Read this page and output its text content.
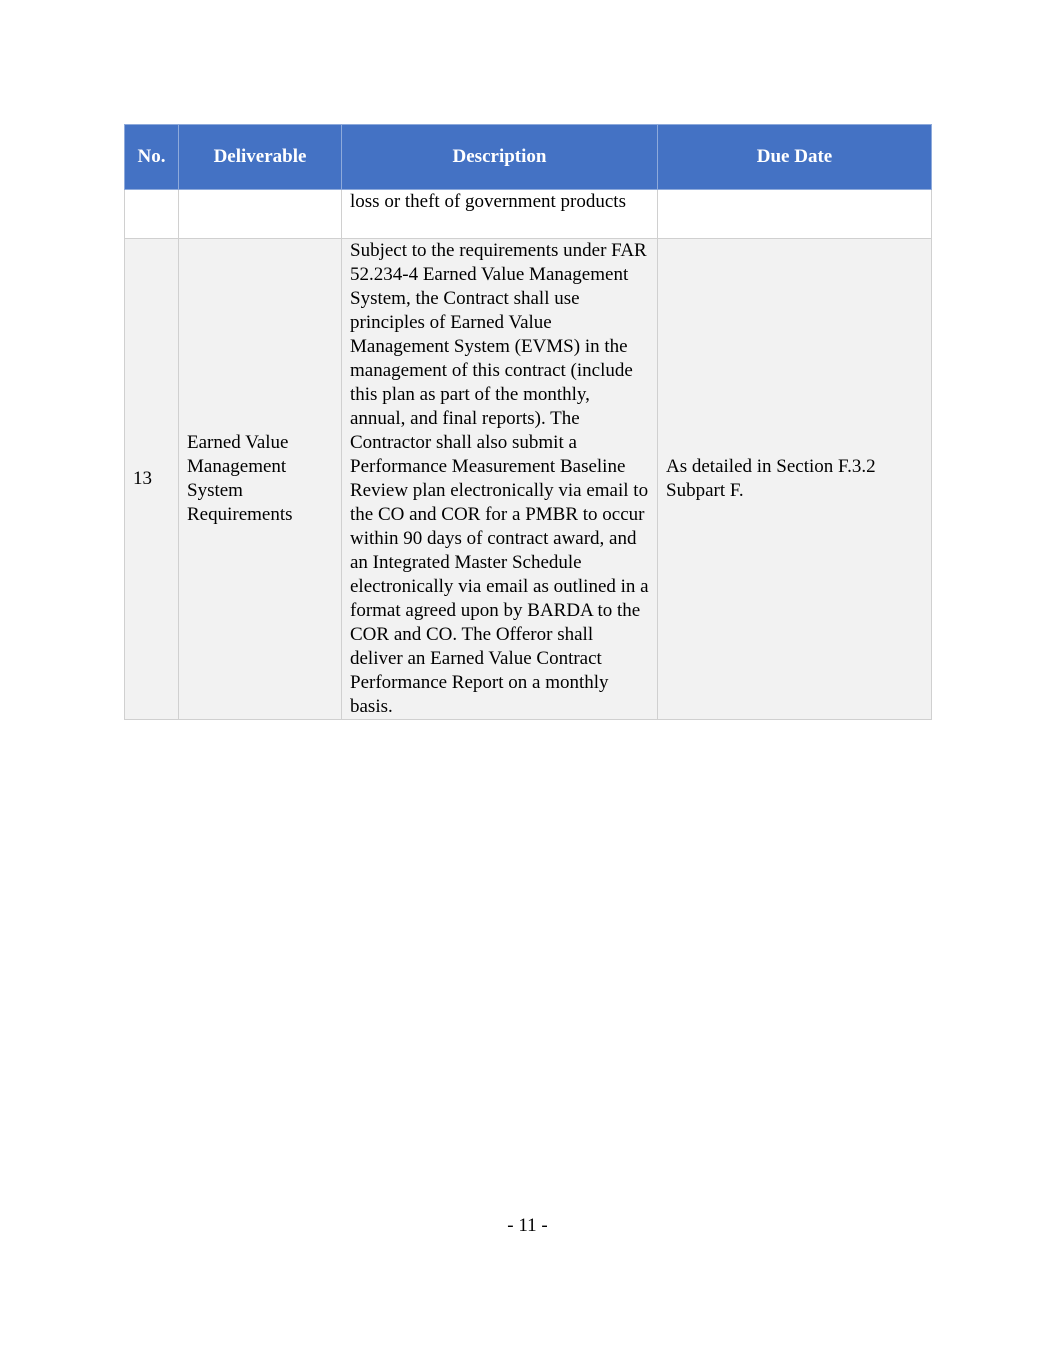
No.	Deliverable	Description	Due Date
		loss or theft of government products	
13	Earned Value Management System Requirements	Subject to the requirements under FAR 52.234-4 Earned Value Management System, the Contract shall use principles of Earned Value Management System (EVMS) in the management of this contract (include this plan as part of the monthly, annual, and final reports). The Contractor shall also submit a Performance Measurement Baseline Review plan electronically via email to the CO and COR for a PMBR to occur within 90 days of contract award, and an Integrated Master Schedule electronically via email as outlined in a format agreed upon by BARDA to the COR and CO. The Offeror shall deliver an Earned Value Contract Performance Report on a monthly basis.	As detailed in Section F.3.2 Subpart F.
- 11 -
